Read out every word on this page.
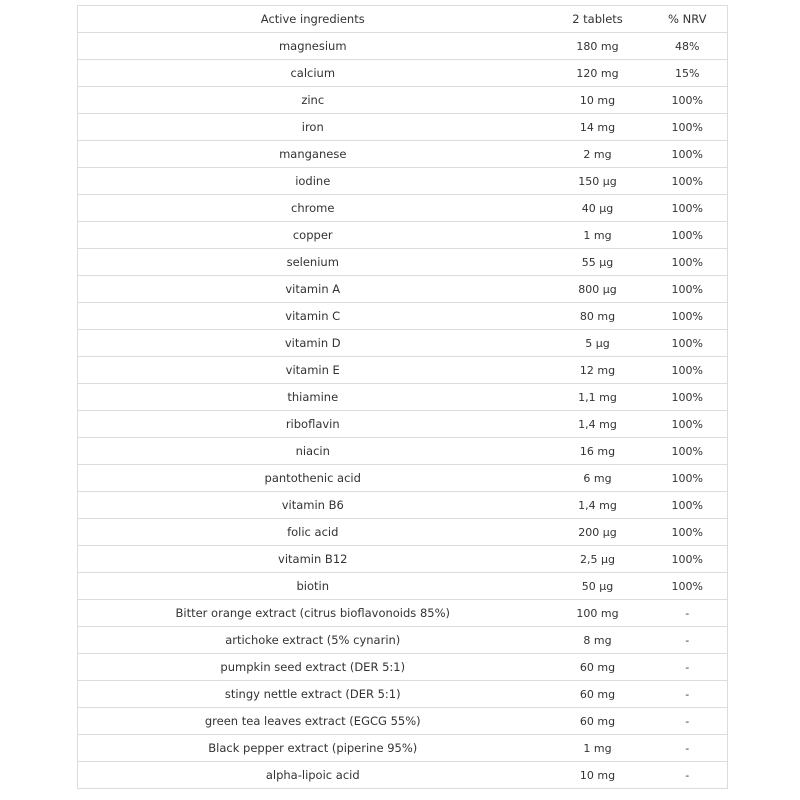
Active ingredients	2 tablets	% NRV
magnesium	180 mg	48%
calcium	120 mg	15%
zinc	10 mg	100%
iron	14 mg	100%
manganese	2 mg	100%
iodine	150 µg	100%
chrome	40 µg	100%
copper	1 mg	100%
selenium	55 µg	100%
vitamin A	800 µg	100%
vitamin C	80 mg	100%
vitamin D	5 µg	100%
vitamin E	12 mg	100%
thiamine	1,1 mg	100%
riboflavin	1,4 mg	100%
niacin	16 mg	100%
pantothenic acid	6 mg	100%
vitamin B6	1,4 mg	100%
folic acid	200 µg	100%
vitamin B12	2,5 µg	100%
biotin	50 µg	100%
Bitter orange extract (citrus bioflavonoids 85%)	100 mg	-
artichoke extract (5% cynarin)	8 mg	-
pumpkin seed extract (DER 5:1)	60 mg	-
stingy nettle extract (DER 5:1)	60 mg	-
green tea leaves extract (EGCG 55%)	60 mg	-
Black pepper extract (piperine 95%)	1 mg	-
alpha-lipoic acid	10 mg	-
